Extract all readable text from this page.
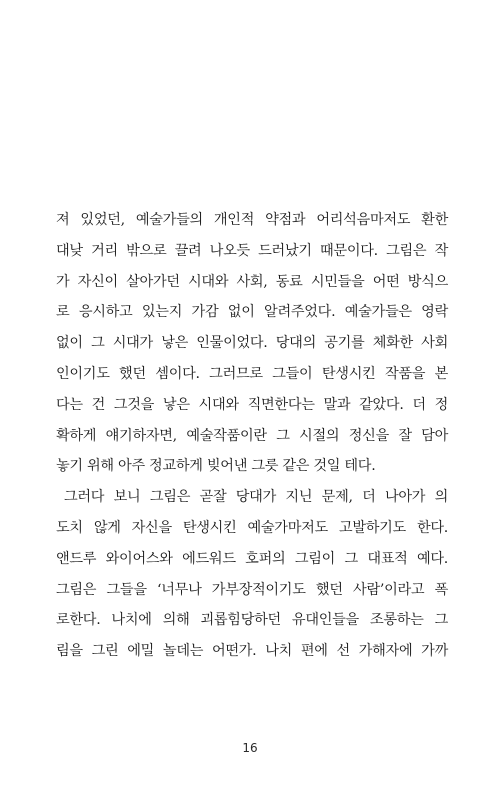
져 있었던, 예술가들의 개인적 약점과 어리석음마저도 환한
대낮 거리 밖으로 끌려 나오듯 드러났기 때문이다. 그림은 작
가 자신이 살아가던 시대와 사회, 동료 시민들을 어떤 방식으
로 응시하고 있는지 가감 없이 알려주었다. 예술가들은 영락
없이 그 시대가 낳은 인물이었다. 당대의 공기를 체화한 사회
인이기도 했던 셈이다. 그러므로 그들이 탄생시킨 작품을 본
다는 건 그것을 낳은 시대와 직면한다는 말과 같았다. 더 정
확하게 얘기하자면, 예술작품이란 그 시절의 정신을 잘 담아
놓기 위해 아주 정교하게 빚어낸 그릇 같은 것일 테다.
그러다 보니 그림은 곧잘 당대가 지닌 문제, 더 나아가 의
도치 않게 자신을 탄생시킨 예술가마저도 고발하기도 한다.
앤드루 와이어스와 에드워드 호퍼의 그림이 그 대표적 예다.
그림은 그들을 ‘너무나 가부장적이기도 했던 사람’이라고 폭
로한다. 나치에 의해 괴롭힘당하던 유대인들을 조롱하는 그
림을 그린 에밀 놀데는 어떤가. 나치 편에 선 가해자에 가까
16
